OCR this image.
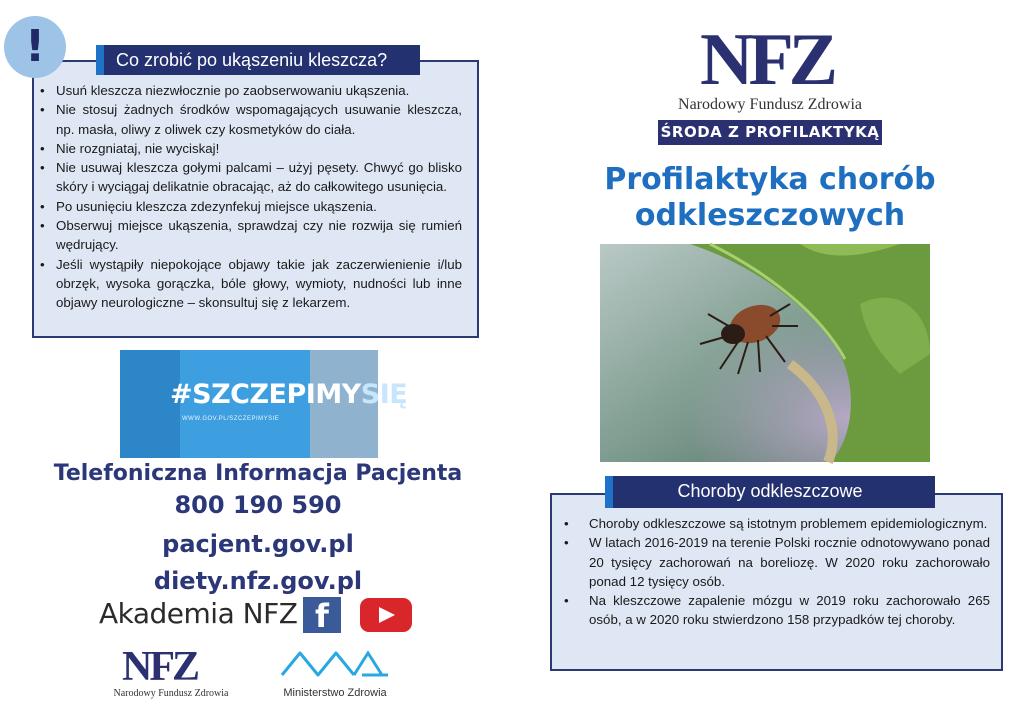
• Usuń kleszcza niezwłocznie po zaobserwowaniu ukąszenia.
• Nie stosuj żadnych środków wspomagających usuwanie kleszcza, np. masła, oliwy z oliwek czy kosmetyków do ciała.
• Nie rozgniataj, nie wyciskaj!
• Nie usuwaj kleszcza gołymi palcami – użyj pęsety. Chwyć go blisko skóry i wyciągaj delikatnie obracając, aż do całkowitego usunięcia.
• Po usunięciu kleszcza zdezynfekuj miejsce ukąszenia.
• Obserwuj miejsce ukąszenia, sprawdzaj czy nie rozwija się rumień wędrujący.
• Jeśli wystąpiły niepokojące objawy takie jak zaczerwienienie i/lub obrzęk, wysoka gorączka, bóle głowy, wymioty, nudności lub inne objawy neurologiczne – skonsultuj się z lekarzem.
Co zrobić po ukąszeniu kleszcza?
!
#SZCZEPIMYSIĘ
WWW.GOV.PL/SZCZEPIMYSIE
Telefoniczna Informacja Pacjenta
800 190 590
pacjent.gov.pl
diety.nfz.gov.pl
Akademia NFZ f
NFZ
Narodowy Fundusz Zdrowia	Ministerstwo Zdrowia
NFZ
Narodowy Fundusz Zdrowia
ŚRODA Z PROFILAKTYKĄ
Profilaktyka chorób
odkleszczowych
• Choroby odkleszczowe są istotnym problemem epidemiologicznym.
• W latach 2016-2019 na terenie Polski rocznie odnotowywano ponad 20 tysięcy zachorowań na boreliozę. W 2020 roku zachorowało ponad 12 tysięcy osób.
• Na kleszczowe zapalenie mózgu w 2019 roku zachorowało 265 osób, a w 2020 roku stwierdzono 158 przypadków tej choroby.
Choroby odkleszczowe
